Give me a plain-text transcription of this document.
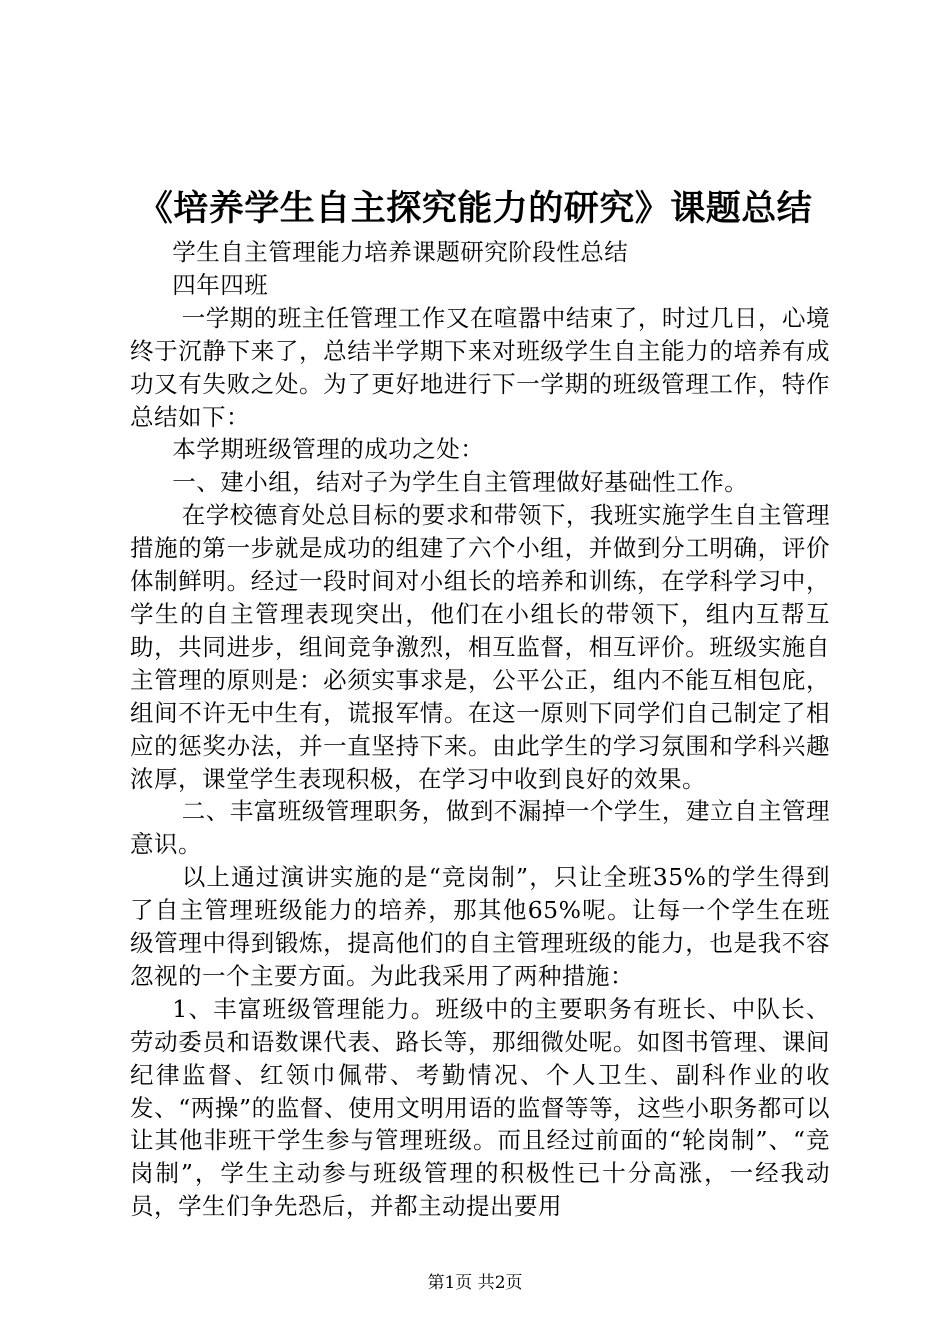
《培养学生自主探究能力的研究》课题总结

学生自主管理能力培养课题研究阶段性总结

四年四班

一学期的班主任管理工作又在喧嚣中结束了，时过几日，心境终于沉静下来了，总结半学期下来对班级学生自主能力的培养有成功又有失败之处。为了更好地进行下一学期的班级管理工作，特作总结如下：

本学期班级管理的成功之处：

一、建小组，结对子为学生自主管理做好基础性工作。

在学校德育处总目标的要求和带领下，我班实施学生自主管理措施的第一步就是成功的组建了六个小组，并做到分工明确，评价体制鲜明。经过一段时间对小组长的培养和训练，在学科学习中，学生的自主管理表现突出，他们在小组长的带领下，组内互帮互助，共同进步，组间竞争激烈，相互监督，相互评价。班级实施自主管理的原则是：必须实事求是，公平公正，组内不能互相包庇，组间不许无中生有，谎报军情。在这一原则下同学们自己制定了相应的惩奖办法，并一直坚持下来。由此学生的学习氛围和学科兴趣浓厚，课堂学生表现积极，在学习中收到良好的效果。

二、丰富班级管理职务，做到不漏掉一个学生，建立自主管理意识。

以上通过演讲实施的是“竞岗制”，只让全班35%的学生得到了自主管理班级能力的培养，那其他65%呢。让每一个学生在班级管理中得到锻炼，提高他们的自主管理班级的能力，也是我不容忽视的一个主要方面。为此我采用了两种措施：

1、丰富班级管理能力。班级中的主要职务有班长、中队长、劳动委员和语数课代表、路长等，那细微处呢。如图书管理、课间纪律监督、红领巾佩带、考勤情况、个人卫生、副科作业的收发、“两操”的监督、使用文明用语的监督等等，这些小职务都可以让其他非班干学生参与管理班级。而且经过前面的“轮岗制”、“竞岗制”，学生主动参与班级管理的积极性已十分高涨，一经我动员，学生们争先恐后，并都主动提出要用

第1页 共2页
